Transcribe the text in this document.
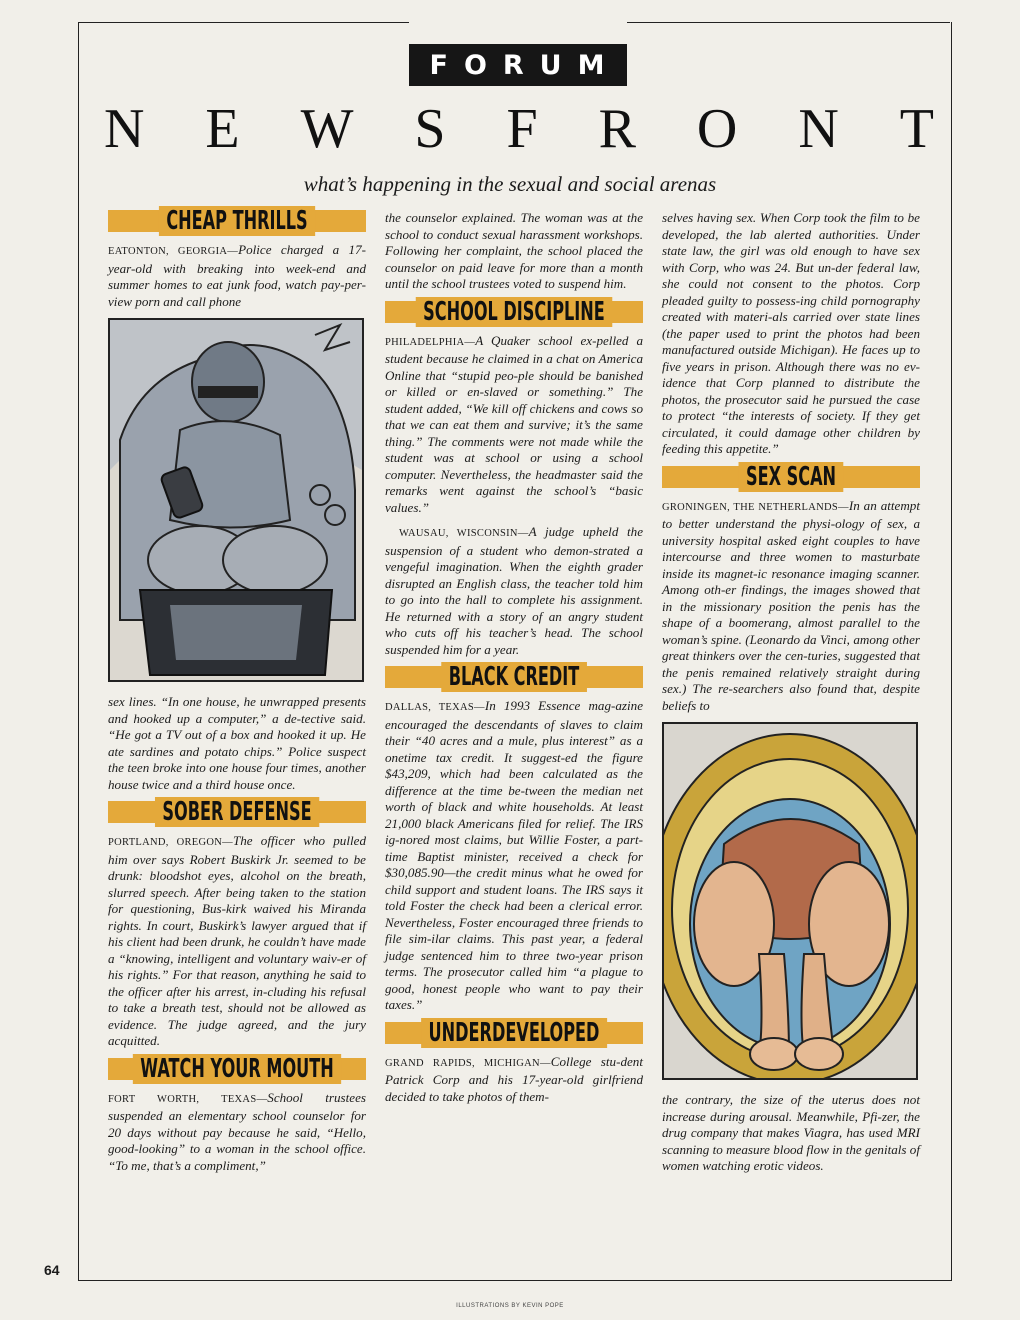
FORUM
N E W S F R O N T
what’s happening in the sexual and social arenas
CHEAP THRILLS

EATONTON, GEORGIA—Police charged a 17-year-old with breaking into week-end and summer homes to eat junk food, watch pay-per-view porn and call phone

sex lines. “In one house, he unwrapped presents and hooked up a computer,” a de-tective said. “He got a TV out of a box and hooked it up. He ate sardines and potato chips.” Police suspect the teen broke into one house four times, another house twice and a third house once.

SOBER DEFENSE

PORTLAND, OREGON—The officer who pulled him over says Robert Buskirk Jr. seemed to be drunk: bloodshot eyes, alcohol on the breath, slurred speech. After being taken to the station for questioning, Bus-kirk waived his Miranda rights. In court, Buskirk’s lawyer argued that if his client had been drunk, he couldn’t have made a “knowing, intelligent and voluntary waiv-er of his rights.” For that reason, anything he said to the officer after his arrest, in-cluding his refusal to take a breath test, should not be allowed as evidence. The judge agreed, and the jury acquitted.

WATCH YOUR MOUTH

FORT WORTH, TEXAS—School trustees suspended an elementary school counselor for 20 days without pay because he said, “Hello, good-looking” to a woman in the school office. “To me, that’s a compliment,”

the counselor explained. The woman was at the school to conduct sexual harassment workshops. Following her complaint, the school placed the counselor on paid leave for more than a month until the school trustees voted to suspend him.

SCHOOL DISCIPLINE

PHILADELPHIA—A Quaker school ex-pelled a student because he claimed in a chat on America Online that “stupid peo-ple should be banished or killed or en-slaved or something.” The student added, “We kill off chickens and cows so that we can eat them and survive; it’s the same thing.” The comments were not made while the student was at school or using a school computer. Nevertheless, the headmaster said the remarks went against the school’s “basic values.”

WAUSAU, WISCONSIN—A judge upheld the suspension of a student who demon-strated a vengeful imagination. When the eighth grader disrupted an English class, the teacher told him to go into the hall to complete his assignment. He returned with a story of an angry student who cuts off his teacher’s head. The school suspended him for a year.

BLACK CREDIT

DALLAS, TEXAS—In 1993 Essence mag-azine encouraged the descendants of slaves to claim their “40 acres and a mule, plus interest” as a onetime tax credit. It suggest-ed the figure $43,209, which had been calculated as the difference at the time be-tween the median net worth of black and white households. At least 21,000 black Americans filed for relief. The IRS ig-nored most claims, but Willie Foster, a part-time Baptist minister, received a check for $30,085.90—the credit minus what he owed for child support and student loans. The IRS says it told Foster the check had been a clerical error. Nevertheless, Foster encouraged three friends to file sim-ilar claims. This past year, a federal judge sentenced him to three two-year prison terms. The prosecutor called him “a plague to good, honest people who want to pay their taxes.”

UNDERDEVELOPED

GRAND RAPIDS, MICHIGAN—College stu-dent Patrick Corp and his 17-year-old girlfriend decided to take photos of them-

selves having sex. When Corp took the film to be developed, the lab alerted authorities. Under state law, the girl was old enough to have sex with Corp, who was 24. But un-der federal law, she could not consent to the photos. Corp pleaded guilty to possess-ing child pornography created with materi-als carried over state lines (the paper used to print the photos had been manufactured outside Michigan). He faces up to five years in prison. Although there was no ev-idence that Corp planned to distribute the photos, the prosecutor said he pursued the case to protect “the interests of society. If they get circulated, it could damage other children by feeding this appetite.”

SEX SCAN

GRONINGEN, THE NETHERLANDS—In an attempt to better understand the physi-ology of sex, a university hospital asked eight couples to have intercourse and three women to masturbate inside its magnet-ic resonance imaging scanner. Among oth-er findings, the images showed that in the missionary position the penis has the shape of a boomerang, almost parallel to the woman’s spine. (Leonardo da Vinci, among other great thinkers over the cen-turies, suggested that the penis remained relatively straight during sex.) The re-searchers also found that, despite beliefs to

the contrary, the size of the uterus does not increase during arousal. Meanwhile, Pfi-zer, the drug company that makes Viagra, has used MRI scanning to measure blood flow in the genitals of women watching erotic videos.

64
ILLUSTRATIONS BY KEVIN POPE
